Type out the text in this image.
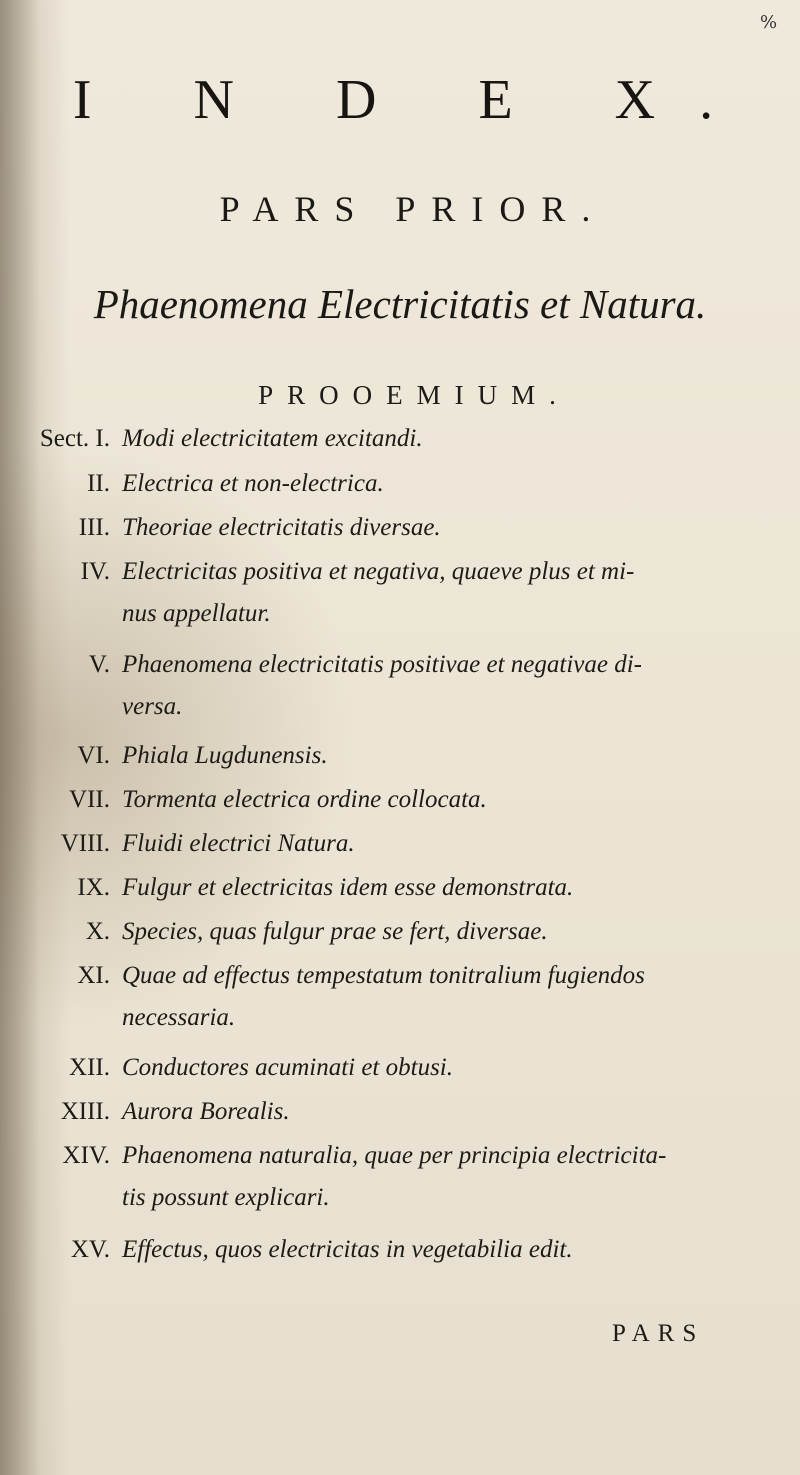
%
I N D E X.
PARS PRIOR.
Phaenomena Electricitatis et Natura.
PROOEMIUM.
Sect. I. Modi electricitatem excitandi.
II. Electrica et non-electrica.
III. Theoriae electricitatis diversae.
IV. Electricitas positiva et negativa, quaeve plus et mi-
nus appellatur.
V. Phaenomena electricitatis positivae et negativae di-
versa.
VI. Phiala Lugdunensis.
VII. Tormenta electrica ordine collocata.
VIII. Fluidi electrici Natura.
IX. Fulgur et electricitas idem esse demonstrata.
X. Species, quas fulgur prae se fert, diversae.
XI. Quae ad effectus tempestatum tonitralium fugiendos
necessaria.
XII. Conductores acuminati et obtusi.
XIII. Aurora Borealis.
XIV. Phaenomena naturalia, quae per principia electricita-
tis possunt explicari.
XV. Effectus, quos electricitas in vegetabilia edit.
PARS
